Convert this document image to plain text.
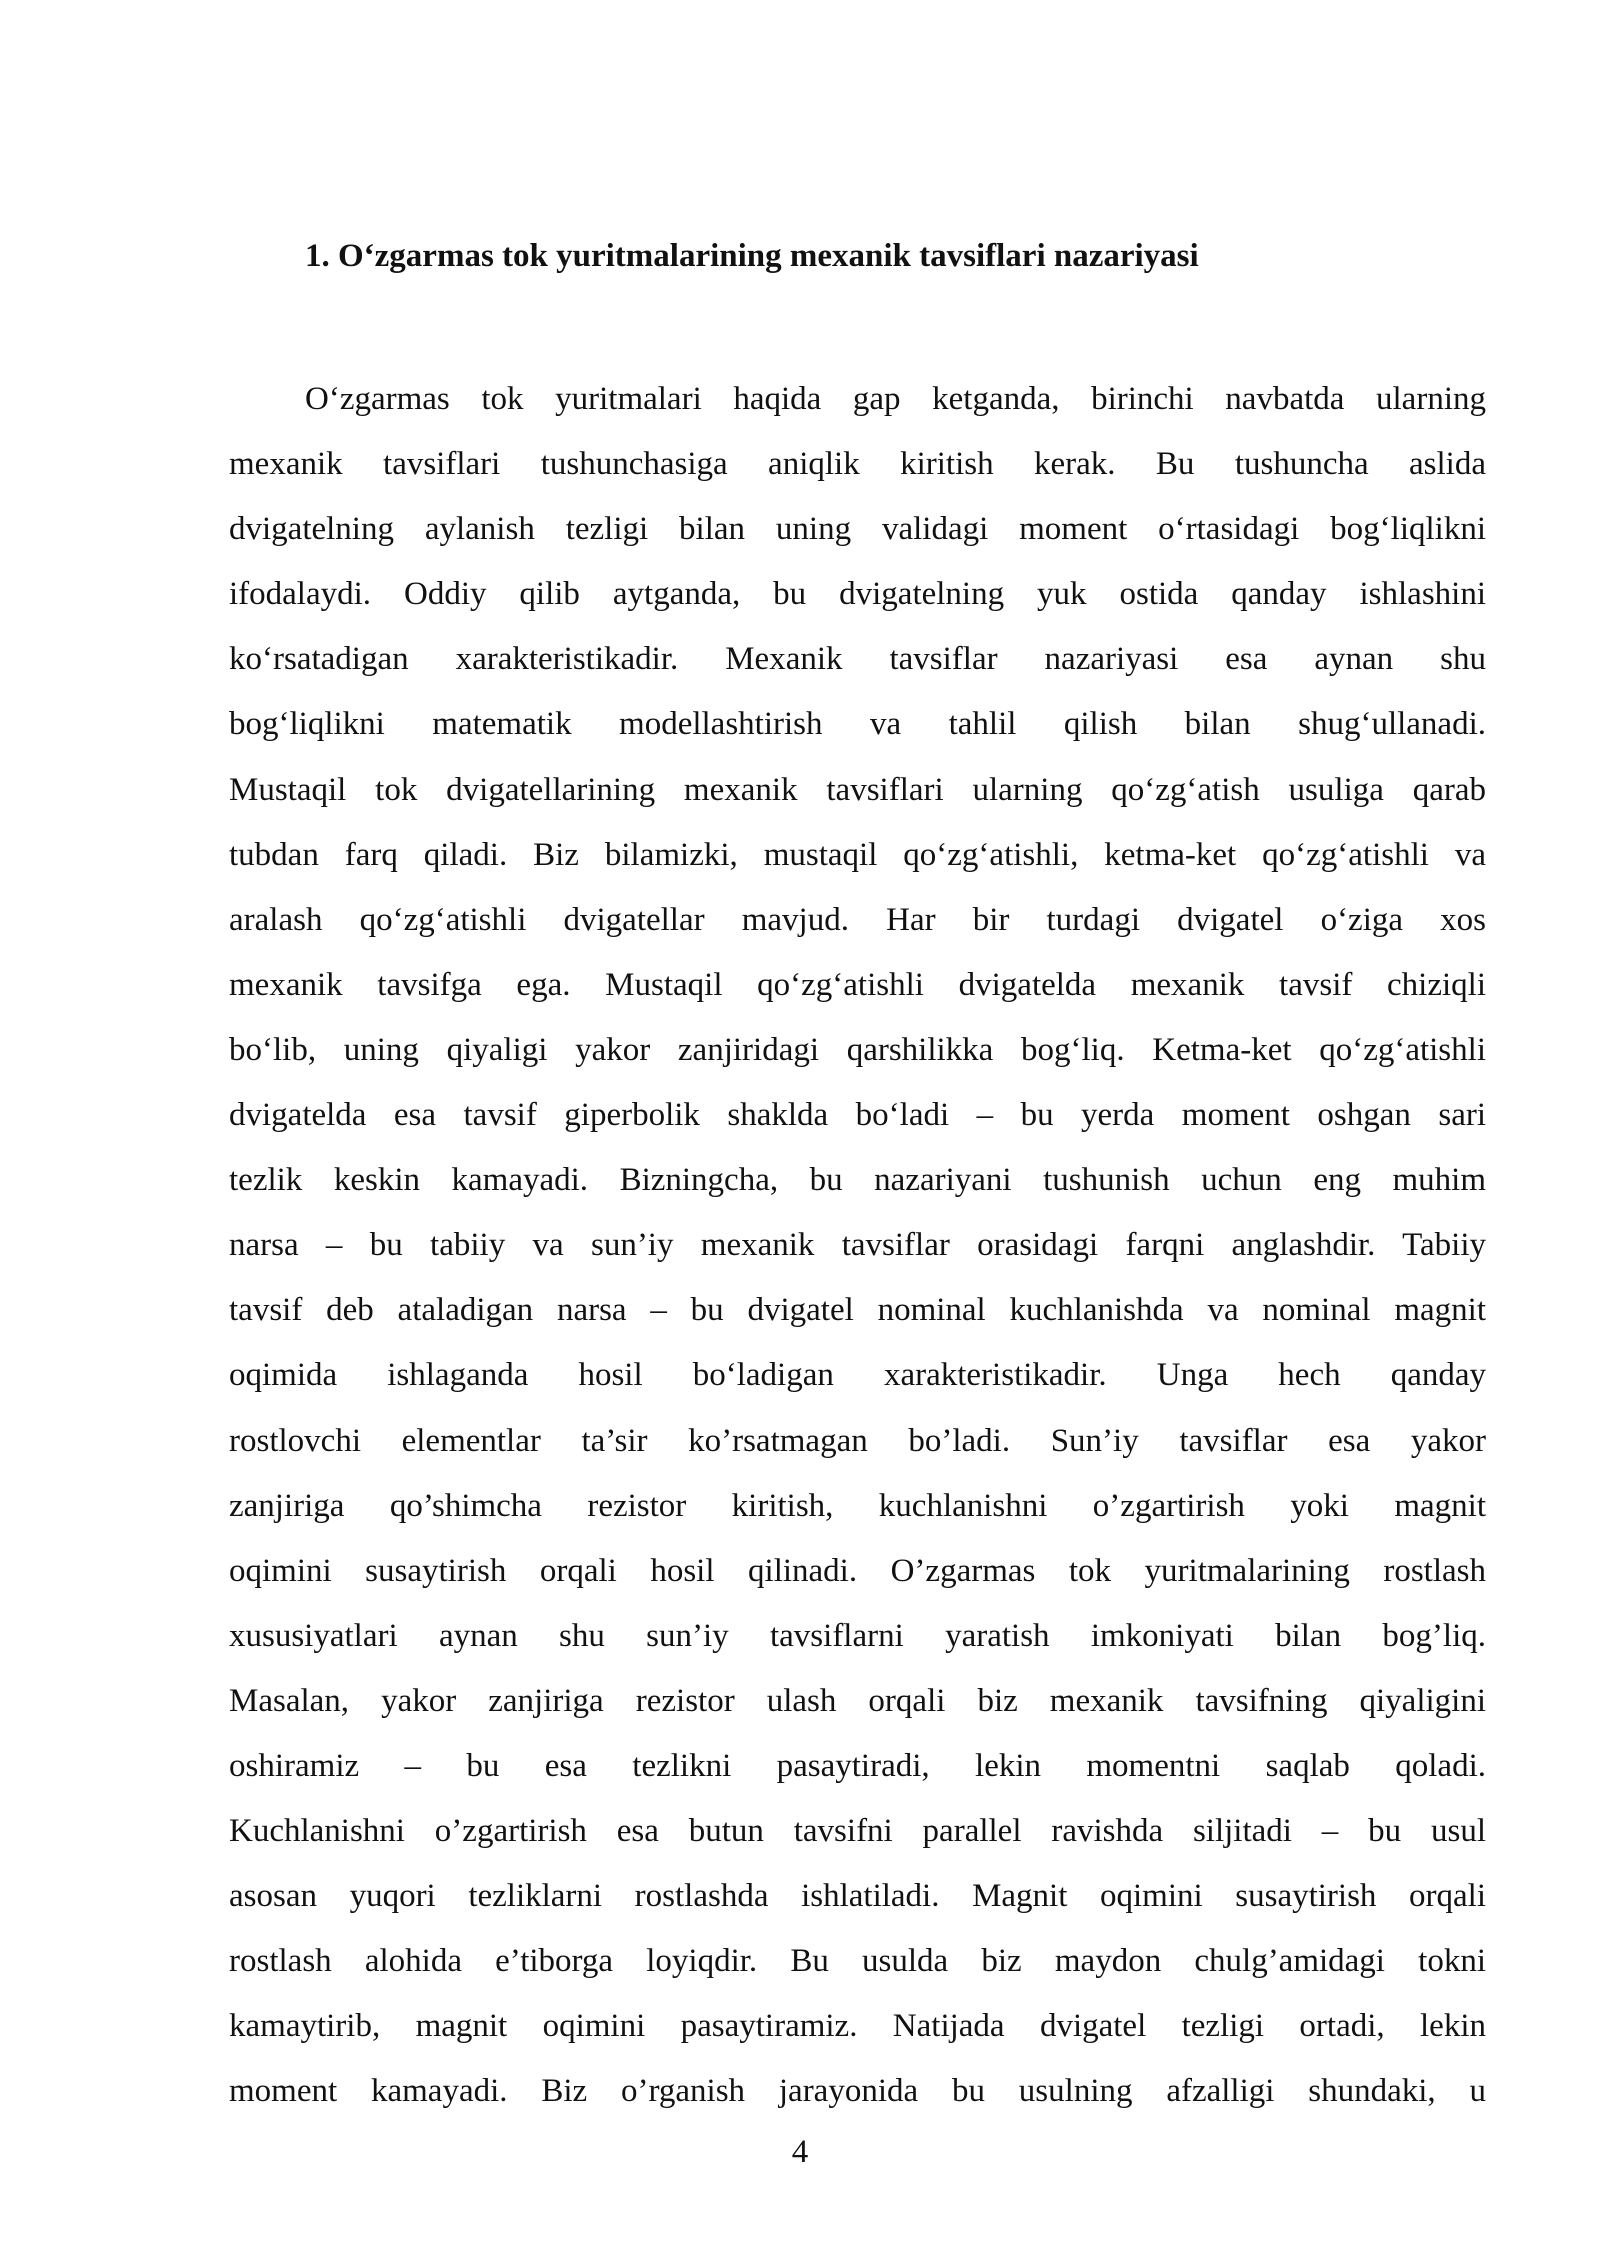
1. O‘zgarmas tok yuritmalarining mexanik tavsiflari nazariyasi
O‘zgarmas tok yuritmalari haqida gap ketganda, birinchi navbatda ularning
mexanik tavsiflari tushunchasiga aniqlik kiritish kerak. Bu tushuncha aslida
dvigatelning aylanish tezligi bilan uning validagi moment o‘rtasidagi bog‘liqlikni
ifodalaydi. Oddiy qilib aytganda, bu dvigatelning yuk ostida qanday ishlashini
ko‘rsatadigan xarakteristikadir. Mexanik tavsiflar nazariyasi esa aynan shu
bog‘liqlikni matematik modellashtirish va tahlil qilish bilan shug‘ullanadi.
Mustaqil tok dvigatellarining mexanik tavsiflari ularning qo‘zg‘atish usuliga qarab
tubdan farq qiladi. Biz bilamizki, mustaqil qo‘zg‘atishli, ketma-ket qo‘zg‘atishli va
aralash qo‘zg‘atishli dvigatellar mavjud. Har bir turdagi dvigatel o‘ziga xos
mexanik tavsifga ega. Mustaqil qo‘zg‘atishli dvigatelda mexanik tavsif chiziqli
bo‘lib, uning qiyaligi yakor zanjiridagi qarshilikka bog‘liq. Ketma-ket qo‘zg‘atishli
dvigatelda esa tavsif giperbolik shaklda bo‘ladi – bu yerda moment oshgan sari
tezlik keskin kamayadi. Bizningcha, bu nazariyani tushunish uchun eng muhim
narsa – bu tabiiy va sun’iy mexanik tavsiflar orasidagi farqni anglashdir. Tabiiy
tavsif deb ataladigan narsa – bu dvigatel nominal kuchlanishda va nominal magnit
oqimida ishlaganda hosil bo‘ladigan xarakteristikadir. Unga hech qanday
rostlovchi elementlar ta’sir ko’rsatmagan bo’ladi. Sun’iy tavsiflar esa yakor
zanjiriga qo’shimcha rezistor kiritish, kuchlanishni o’zgartirish yoki magnit
oqimini susaytirish orqali hosil qilinadi. O’zgarmas tok yuritmalarining rostlash
xususiyatlari aynan shu sun’iy tavsiflarni yaratish imkoniyati bilan bog’liq.
Masalan, yakor zanjiriga rezistor ulash orqali biz mexanik tavsifning qiyaligini
oshiramiz – bu esa tezlikni pasaytiradi, lekin momentni saqlab qoladi.
Kuchlanishni o’zgartirish esa butun tavsifni parallel ravishda siljitadi – bu usul
asosan yuqori tezliklarni rostlashda ishlatiladi. Magnit oqimini susaytirish orqali
rostlash alohida e’tiborga loyiqdir. Bu usulda biz maydon chulg’amidagi tokni
kamaytirib, magnit oqimini pasaytiramiz. Natijada dvigatel tezligi ortadi, lekin
moment kamayadi. Biz o’rganish jarayonida bu usulning afzalligi shundaki, u
4
